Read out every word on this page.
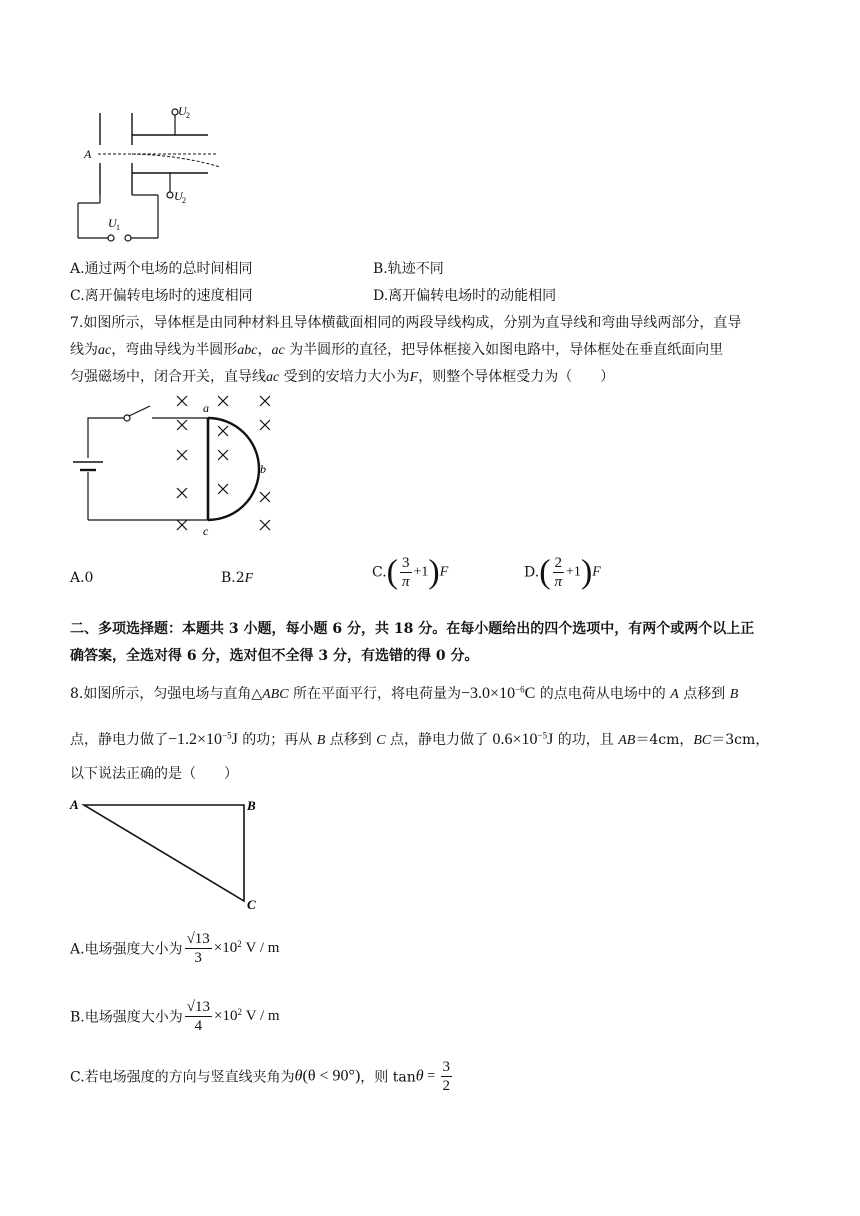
U 2
U 2
A
U 1
A.通过两个电场的总时间相同	B.轨迹不同
C.离开偏转电场时的速度相同	D.离开偏转电场时的动能相同
7.如图所示，导体框是由同种材料且导体横截面相同的两段导线构成，分别为直导线和弯曲导线两部分，直导
线为ac，弯曲导线为半圆形abc，ac 为半圆形的直径，把导体框接入如图电路中，导体框处在垂直纸面向里
匀强磁场中，闭合开关，直导线ac 受到的安培力大小为F，则整个导体框受力为（　　）
a
b
c
A.0	B.2F	$C.( \frac{3}{\pi} +1)F$	$D.( \frac{2}{\pi} +1)F$
二、多项选择题：本题共 3 小题，每小题 6 分，共 18 分。在每小题给出的四个选项中，有两个或两个以上正
确答案，全选对得 6 分，选对但不全得 3 分，有选错的得 0 分。
8.如图所示，匀强电场与直角△ABC 所在平面平行，将电荷量为$-3.0\times 10^{-6}C$ 的点电荷从电场中的 A 点移到 B
点，静电力做了$-1.2\times 10^{-5}J$ 的功；再从 B 点移到 C 点，静电力做了 $0.6\times 10^{-5}J$ 的功，且 AB＝4cm，BC＝3cm，
以下说法正确的是（　　）
A	B
C
A.电场强度大小为 $\frac{√13}{3} \times 10^2$ V / m
B.电场强度大小为 $\frac{√13}{4} \times 10^2$ V / m
C.若电场强度的方向与竖直线夹角为θ(θ < 90°)，则 $\tan\theta = \frac{3}{2}$
